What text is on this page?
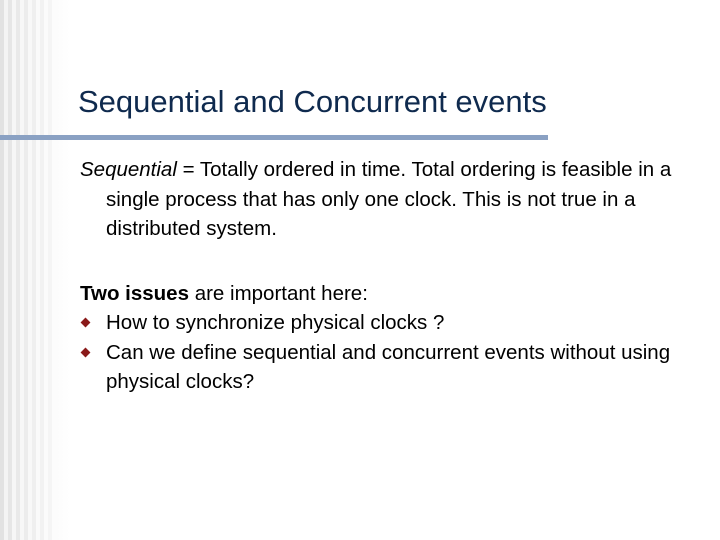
Sequential and Concurrent events

Sequential = Totally ordered in time. Total ordering is feasible in a single process that has only one clock. This is not true in a distributed system.

Two issues are important here:

How to synchronize physical clocks ?

Can we define sequential and concurrent events without using physical clocks?
